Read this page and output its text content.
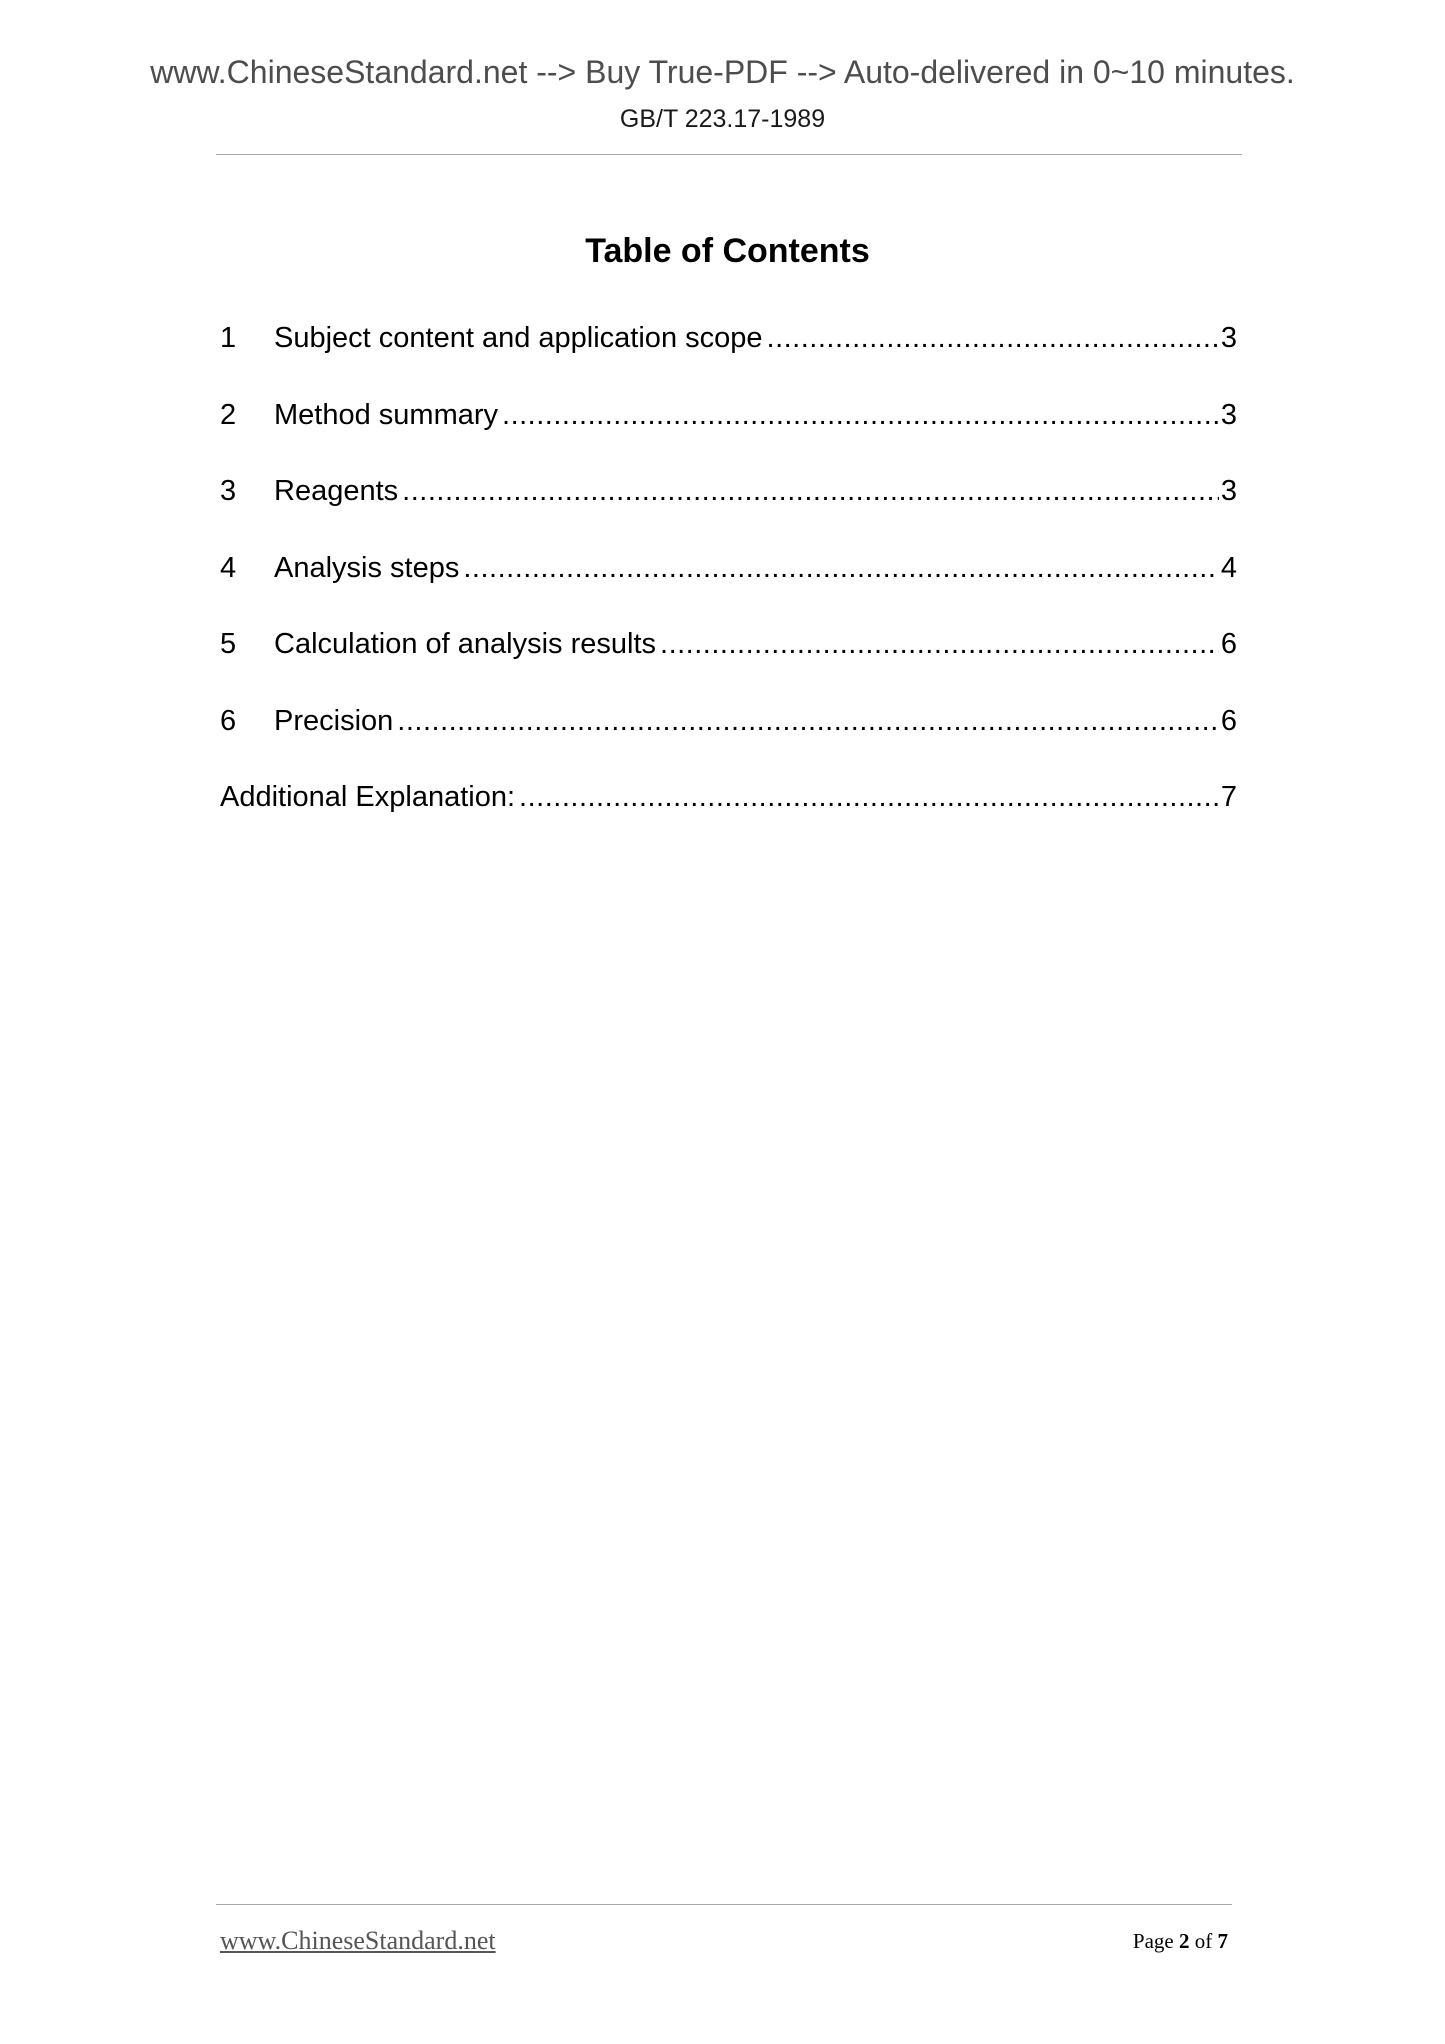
www.ChineseStandard.net --> Buy True-PDF --> Auto-delivered in 0~10 minutes.
GB/T 223.17-1989
Table of Contents
1	Subject content and application scope .....	3
2	Method summary .....	3
3	Reagents .....	3
4	Analysis steps .....	4
5	Calculation of analysis results .....	6
6	Precision .....	6
Additional Explanation: .....	7
www.ChineseStandard.net	Page 2 of 7
